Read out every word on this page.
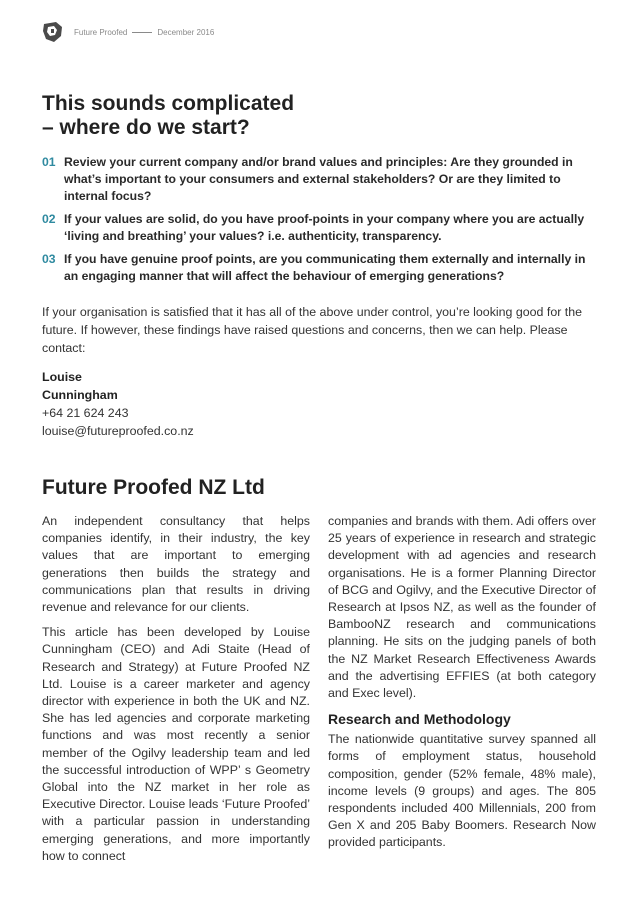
Future Proofed	December 2016
This sounds complicated
– where do we start?
01 Review your current company and/or brand values and principles: Are they grounded in what’s important to your consumers and external stakeholders? Or are they limited to internal focus?
02 If your values are solid, do you have proof-points in your company where you are actually ‘living and breathing’ your values? i.e. authenticity, transparency.
03 If you have genuine proof points, are you communicating them externally and internally in an engaging manner that will affect the behaviour of emerging generations?
If your organisation is satisfied that it has all of the above under control, you’re looking good for the future. If however, these findings have raised questions and concerns, then we can help. Please contact:
Louise
Cunningham
+64 21 624 243
louise@futureproofed.co.nz
Future Proofed NZ Ltd

An independent consultancy that helps companies identify, in their industry, the key values that are important to emerging generations then builds the strategy and communications plan that results in driving revenue and relevance for our clients.

This article has been developed by Louise Cunningham (CEO) and Adi Staite (Head of Research and Strategy) at Future Proofed NZ Ltd. Louise is a career marketer and agency director with experience in both the UK and NZ. She has led agencies and corporate marketing functions and was most recently a senior member of the Ogilvy leadership team and led the successful introduction of WPP’ s Geometry Global into the NZ market in her role as Executive Director. Louise leads ‘Future Proofed’ with a particular passion in understanding emerging generations, and more importantly how to connect

companies and brands with them. Adi offers over 25 years of experience in research and strategic development with ad agencies and research organisations. He is a former Planning Director of BCG and Ogilvy, and the Executive Director of Research at Ipsos NZ, as well as the founder of BambooNZ research and communications planning. He sits on the judging panels of both the NZ Market Research Effectiveness Awards and the advertising EFFIES (at both category and Exec level).

Research and Methodology

The nationwide quantitative survey spanned all forms of employment status, household composition, gender (52% female, 48% male), income levels (9 groups) and ages. The 805 respondents included 400 Millennials, 200 from Gen X and 205 Baby Boomers. Research Now provided participants.
